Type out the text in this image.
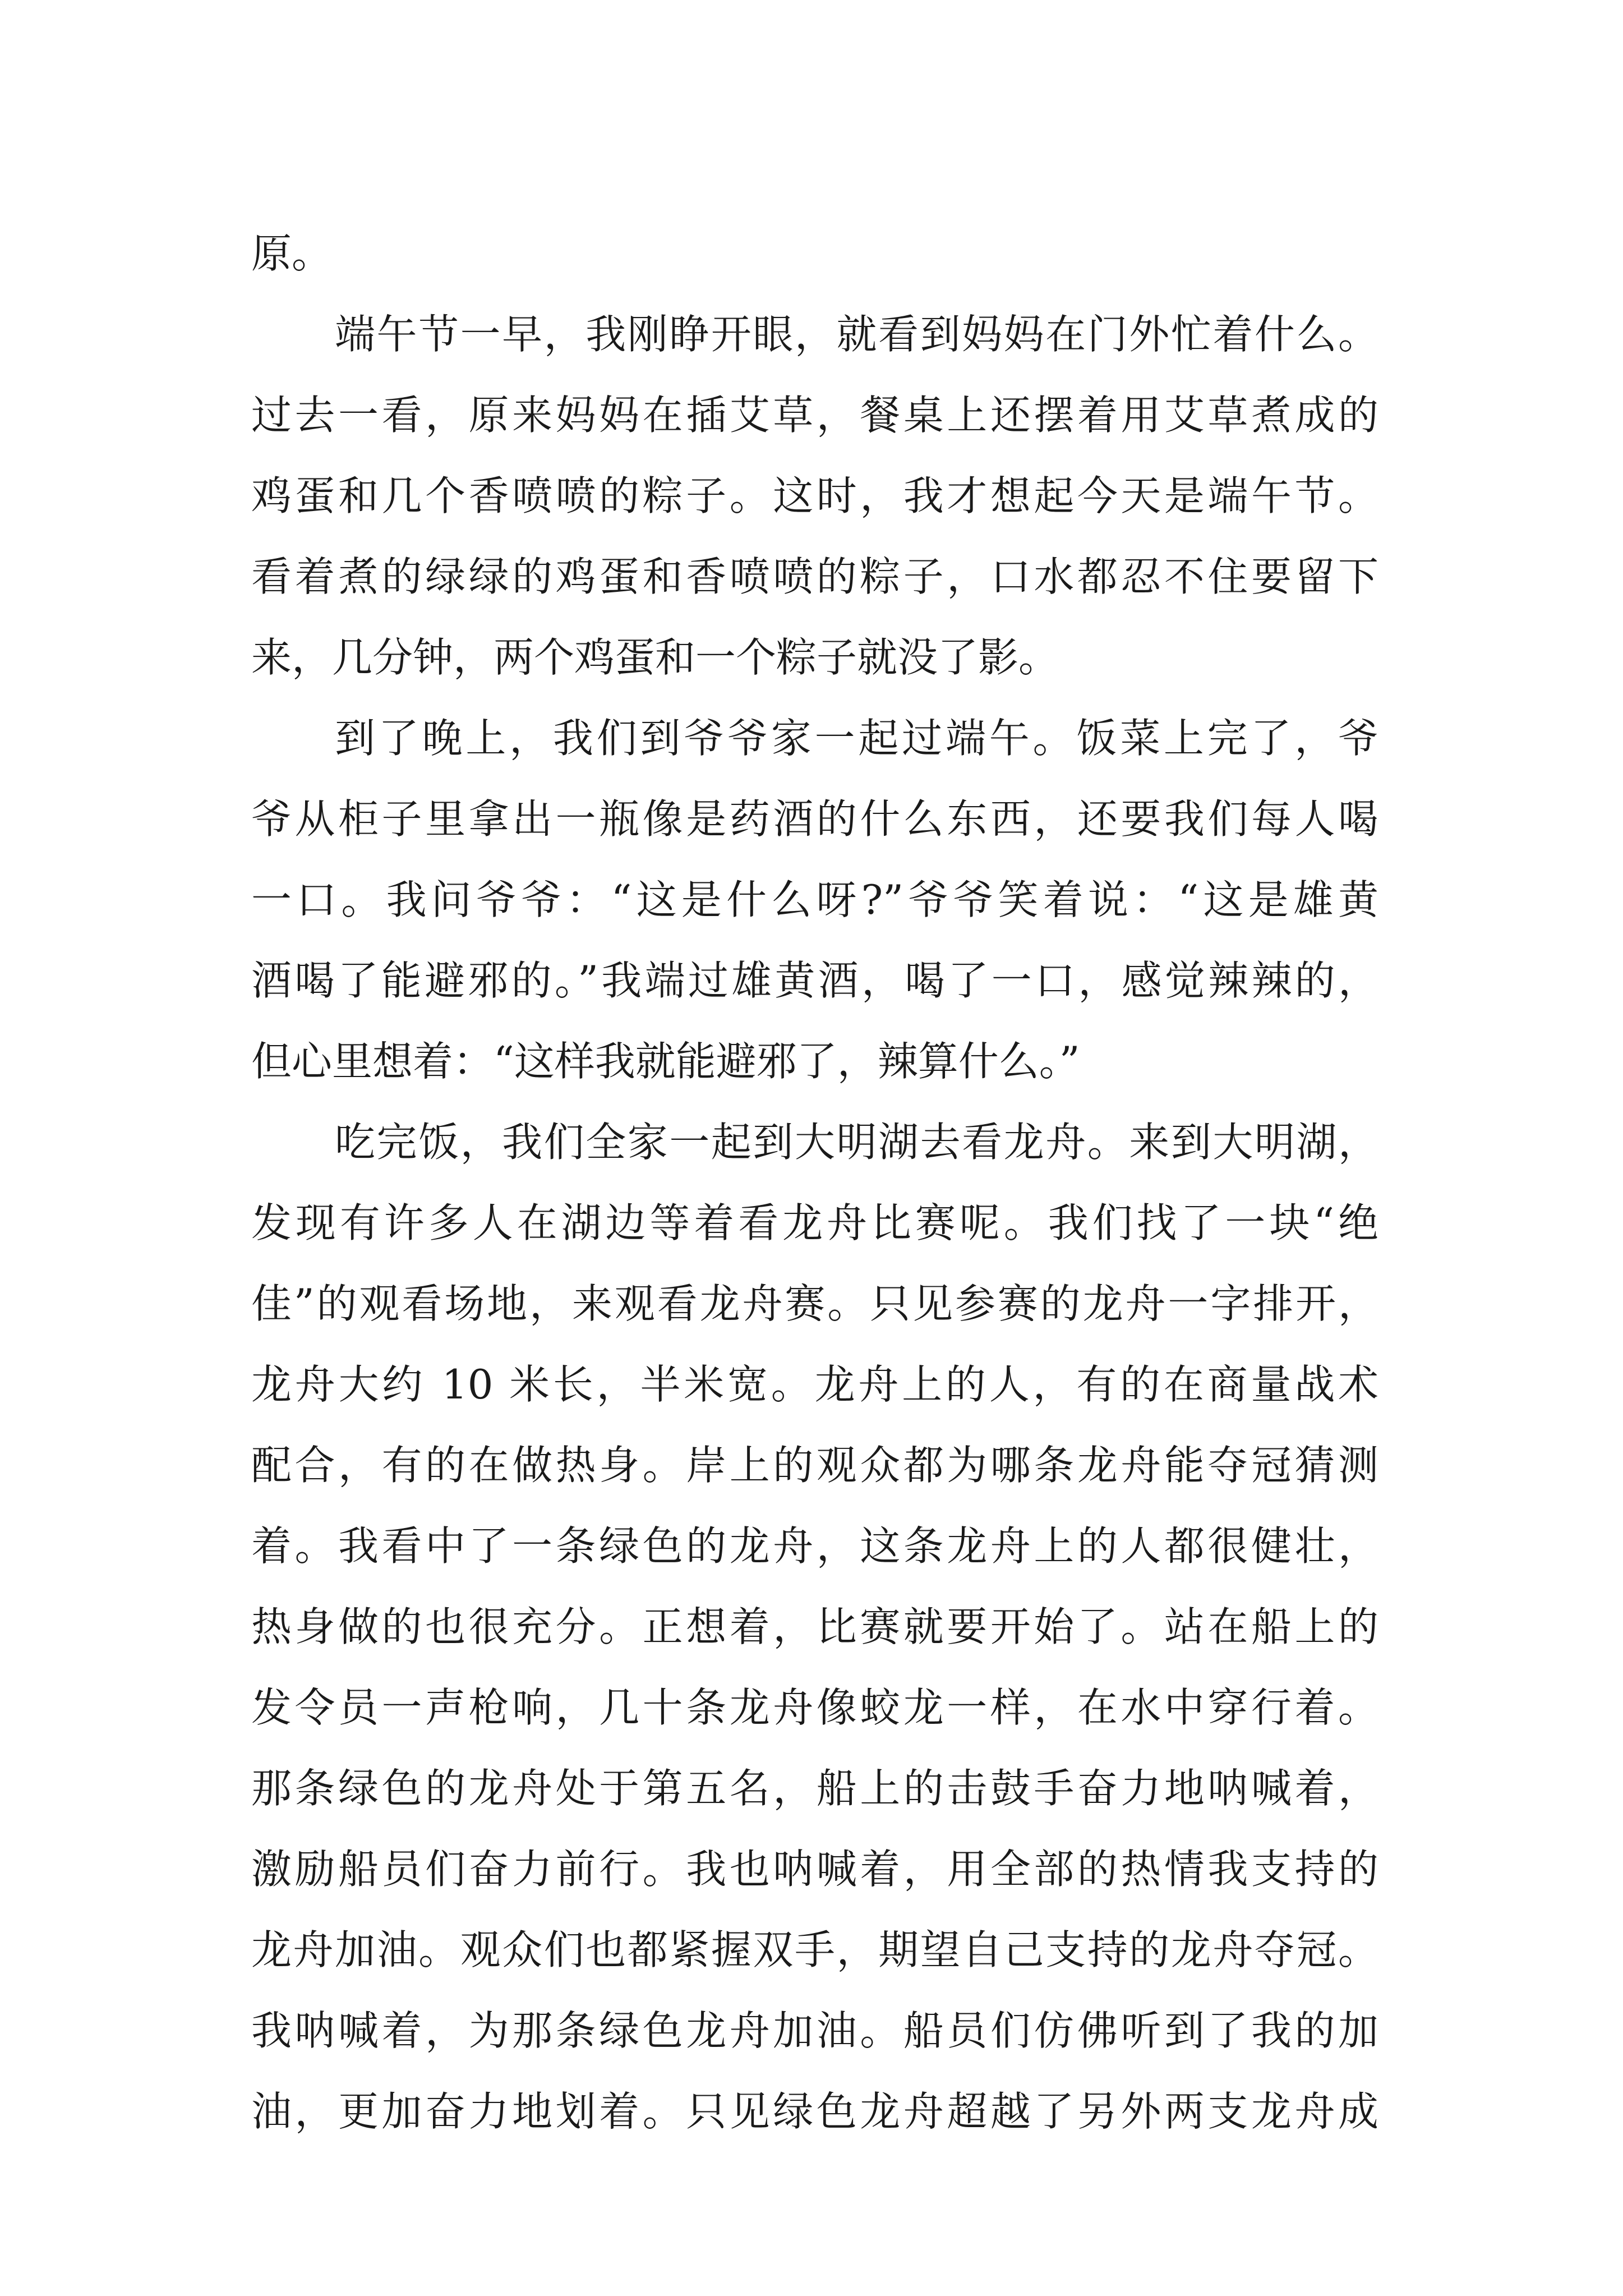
原。
端午节一早，我刚睁开眼，就看到妈妈在门外忙着什么。
过去一看，原来妈妈在插艾草，餐桌上还摆着用艾草煮成的
鸡蛋和几个香喷喷的粽子。这时，我才想起今天是端午节。
看着煮的绿绿的鸡蛋和香喷喷的粽子，口水都忍不住要留下
来，几分钟，两个鸡蛋和一个粽子就没了影。
到了晚上，我们到爷爷家一起过端午。饭菜上完了，爷
爷从柜子里拿出一瓶像是药酒的什么东西，还要我们每人喝
一口。我问爷爷：“这是什么呀?”爷爷笑着说：“这是雄黄
酒喝了能避邪的。”我端过雄黄酒，喝了一口，感觉辣辣的，
但心里想着：“这样我就能避邪了，辣算什么。”
吃完饭，我们全家一起到大明湖去看龙舟。来到大明湖，
发现有许多人在湖边等着看龙舟比赛呢。我们找了一块“绝
佳”的观看场地，来观看龙舟赛。只见参赛的龙舟一字排开，
龙舟大约 10 米长，半米宽。龙舟上的人，有的在商量战术
配合，有的在做热身。岸上的观众都为哪条龙舟能夺冠猜测
着。我看中了一条绿色的龙舟，这条龙舟上的人都很健壮，
热身做的也很充分。正想着，比赛就要开始了。站在船上的
发令员一声枪响，几十条龙舟像蛟龙一样，在水中穿行着。
那条绿色的龙舟处于第五名，船上的击鼓手奋力地呐喊着，
激励船员们奋力前行。我也呐喊着，用全部的热情我支持的
龙舟加油。观众们也都紧握双手，期望自己支持的龙舟夺冠。
我呐喊着，为那条绿色龙舟加油。船员们仿佛听到了我的加
油，更加奋力地划着。只见绿色龙舟超越了另外两支龙舟成
